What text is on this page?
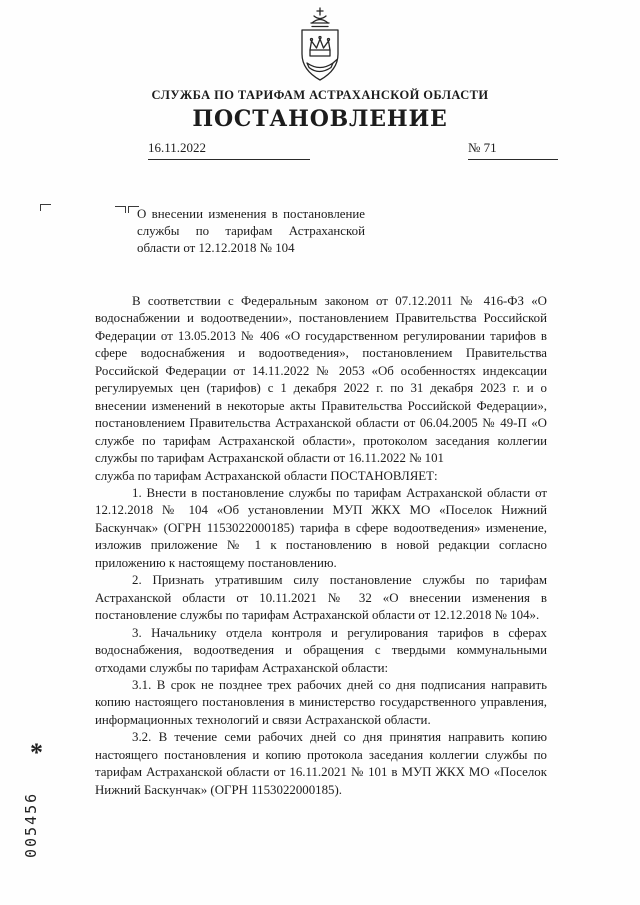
СЛУЖБА ПО ТАРИФАМ АСТРАХАНСКОЙ ОБЛАСТИ
ПОСТАНОВЛЕНИЕ
16.11.2022	№ 71
О внесении изменения в постановление службы по тарифам Астраханской области от 12.12.2018 № 104

В соответствии с Федеральным законом от 07.12.2011 № 416-ФЗ «О водоснабжении и водоотведении», постановлением Правительства Российской Федерации от 13.05.2013 № 406 «О государственном регулировании тарифов в сфере водоснабжения и водоотведения», постановлением Правительства Российской Федерации от 14.11.2022 № 2053 «Об особенностях индексации регулируемых цен (тарифов) с 1 декабря 2022 г. по 31 декабря 2023 г. и о внесении изменений в некоторые акты Правительства Российской Федерации», постановлением Правительства Астраханской области от 06.04.2005 № 49-П «О службе по тарифам Астраханской области», протоколом заседания коллегии службы по тарифам Астраханской области от 16.11.2022 № 101

служба по тарифам Астраханской области ПОСТАНОВЛЯЕТ:

1. Внести в постановление службы по тарифам Астраханской области от 12.12.2018 № 104 «Об установлении МУП ЖКХ МО «Поселок Нижний Баскунчак» (ОГРН 1153022000185) тарифа в сфере водоотведения» изменение, изложив приложение № 1 к постановлению в новой редакции согласно приложению к настоящему постановлению.

2. Признать утратившим силу постановление службы по тарифам Астраханской области от 10.11.2021 № 32 «О внесении изменения в постановление службы по тарифам Астраханской области от 12.12.2018 № 104».

3. Начальнику отдела контроля и регулирования тарифов в сферах водоснабжения, водоотведения и обращения с твердыми коммунальными отходами службы по тарифам Астраханской области:

3.1. В срок не позднее трех рабочих дней со дня подписания направить копию настоящего постановления в министерство государственного управления, информационных технологий и связи Астраханской области.

3.2. В течение семи рабочих дней со дня принятия направить копию настоящего постановления и копию протокола заседания коллегии службы по тарифам Астраханской области от 16.11.2021 № 101 в МУП ЖКХ МО «Поселок Нижний Баскунчак» (ОГРН 1153022000185).

*
005456
